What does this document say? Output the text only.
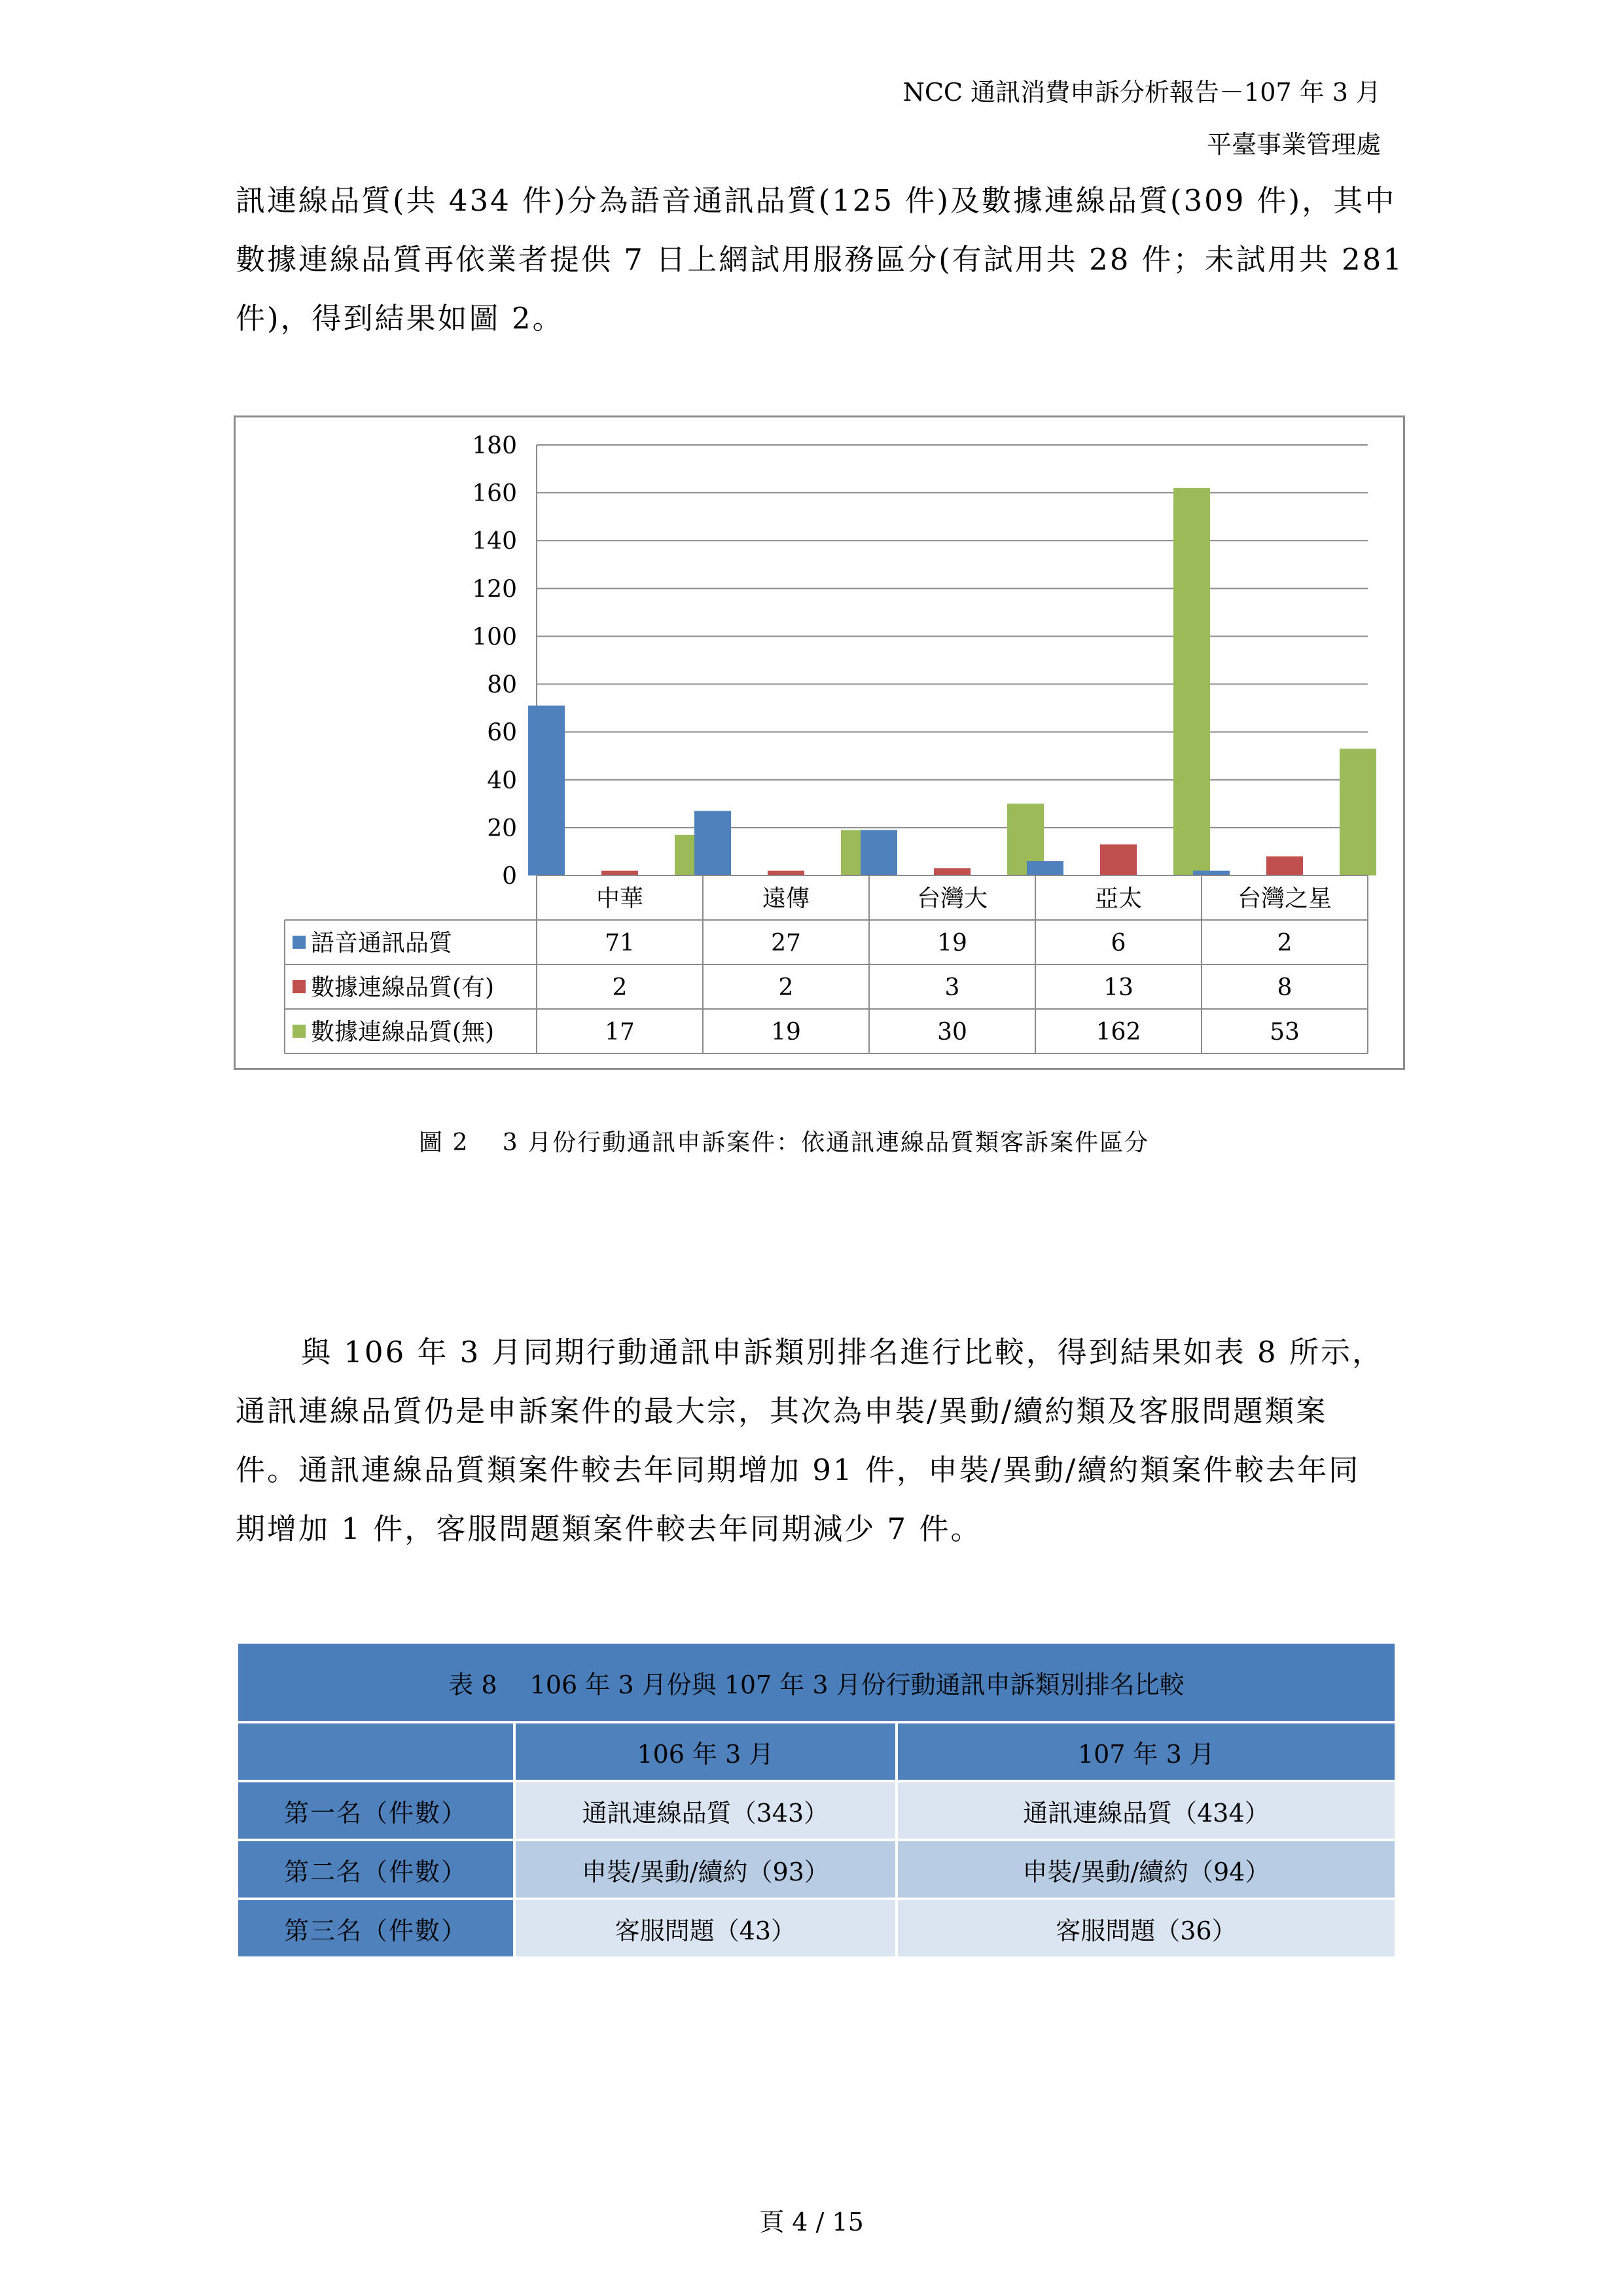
NCC 通訊消費申訴分析報告－107 年 3 月
平臺事業管理處

訊連線品質(共 434 件)分為語音通訊品質(125 件)及數據連線品質(309 件)，其中

數據連線品質再依業者提供 7 日上網試用服務區分(有試用共 28 件；未試用共 281

件)，得到結果如圖 2。

0
20
40
60
80
100
120
140
160
180
中華	遠傳	台灣大	亞太	台灣之星
語音通訊品質	71	27	19	6	2
數據連線品質(有)	2	2	3	13	8
數據連線品質(無)	17	19	30	162	53
圖 2　 3 月份行動通訊申訴案件：依通訊連線品質類客訴案件區分

與 106 年 3 月同期行動通訊申訴類別排名進行比較，得到結果如表 8 所示，

通訊連線品質仍是申訴案件的最大宗，其次為申裝/異動/續約類及客服問題類案

件。通訊連線品質類案件較去年同期增加 91 件，申裝/異動/續約類案件較去年同

期增加 1 件，客服問題類案件較去年同期減少 7 件。

表 8　 106 年 3 月份與 107 年 3 月份行動通訊申訴類別排名比較		
	106 年 3 月	107 年 3 月
第一名（件數）	通訊連線品質（343）	通訊連線品質（434）
第二名（件數）	申裝/異動/續約（93）	申裝/異動/續約（94）
第三名（件數）	客服問題（43）	客服問題（36）
頁 4 / 15
